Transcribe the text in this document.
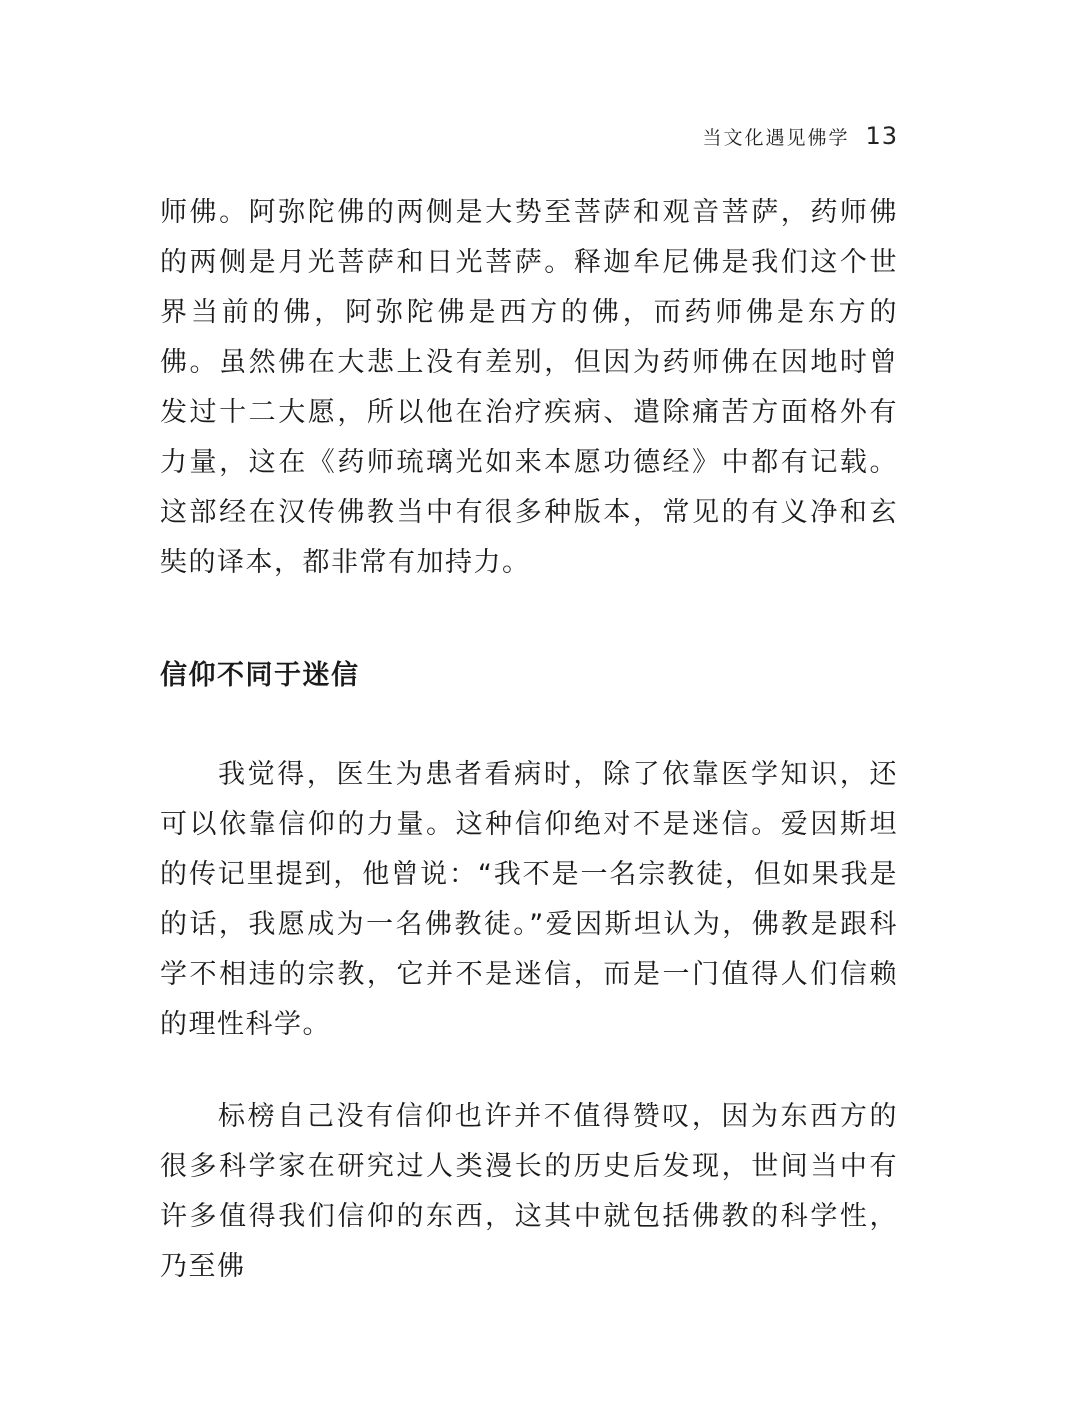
当文化遇见佛学 13

师佛。阿弥陀佛的两侧是大势至菩萨和观音菩萨，药师佛的两侧是月光菩萨和日光菩萨。释迦牟尼佛是我们这个世界当前的佛，阿弥陀佛是西方的佛，而药师佛是东方的佛。虽然佛在大悲上没有差别，但因为药师佛在因地时曾发过十二大愿，所以他在治疗疾病、遣除痛苦方面格外有力量，这在《药师琉璃光如来本愿功德经》中都有记载。这部经在汉传佛教当中有很多种版本，常见的有义净和玄奘的译本，都非常有加持力。

信仰不同于迷信

我觉得，医生为患者看病时，除了依靠医学知识，还可以依靠信仰的力量。这种信仰绝对不是迷信。爱因斯坦的传记里提到，他曾说：“我不是一名宗教徒，但如果我是的话，我愿成为一名佛教徒。”爱因斯坦认为，佛教是跟科学不相违的宗教，它并不是迷信，而是一门值得人们信赖的理性科学。

标榜自己没有信仰也许并不值得赞叹，因为东西方的很多科学家在研究过人类漫长的历史后发现，世间当中有许多值得我们信仰的东西，这其中就包括佛教的科学性，乃至佛
